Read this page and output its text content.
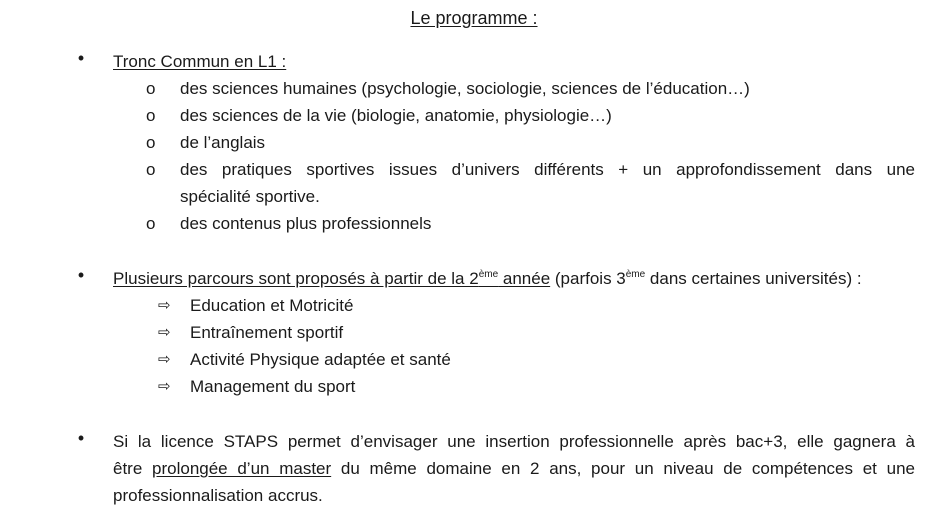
Le programme :
• Tronc Commun en L1 :
o des sciences humaines (psychologie, sociologie, sciences de l’éducation…)
o des sciences de la vie (biologie, anatomie, physiologie…)
o de l’anglais
o des pratiques sportives issues d’univers différents + un approfondissement dans une
spécialité sportive.
o des contenus plus professionnels
• Plusieurs parcours sont proposés à partir de la 2ème année (parfois 3ème dans certaines universités) :
⇨	Education et Motricité
⇨	Entraînement sportif
⇨	Activité Physique adaptée et santé
⇨	Management du sport
• Si la licence STAPS permet d’envisager une insertion professionnelle après bac+3, elle gagnera à
être prolongée d’un master du même domaine en 2 ans, pour un niveau de compétences et une
professionnalisation accrus.
